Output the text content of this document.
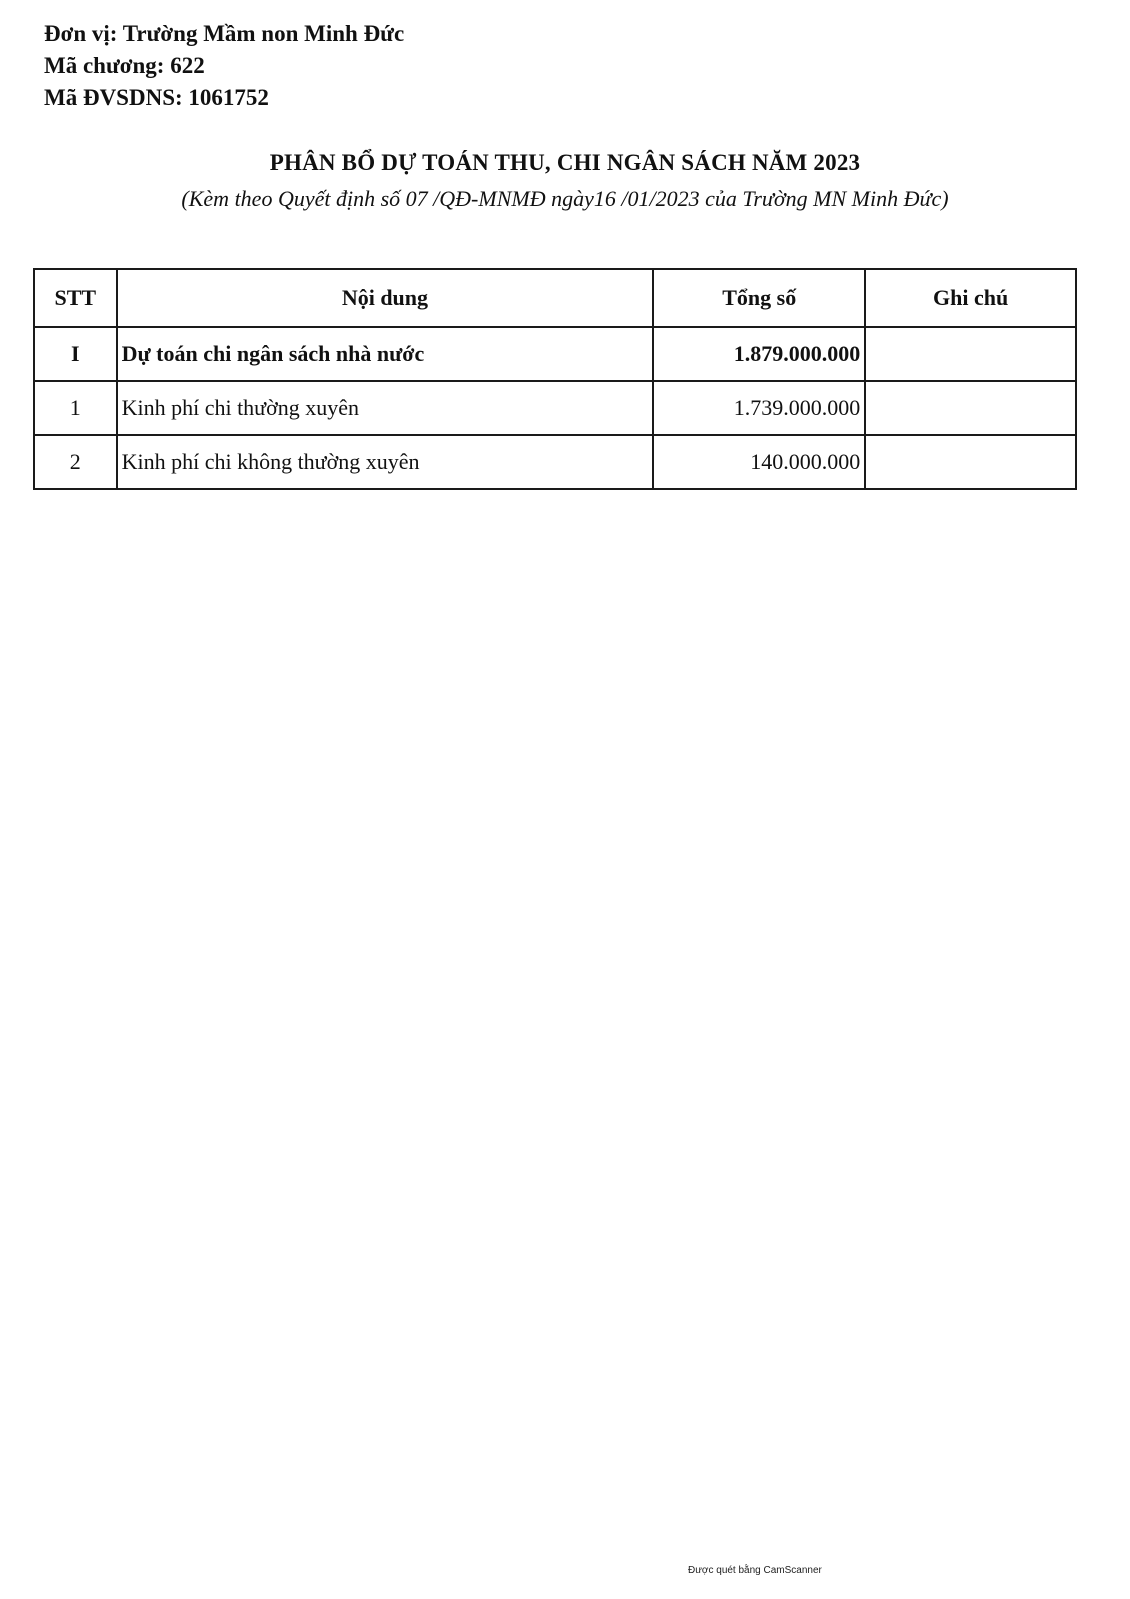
Đơn vị: Trường Mầm non Minh Đức
Mã chương: 622
Mã ĐVSDNS: 1061752
PHÂN BỔ DỰ TOÁN THU, CHI NGÂN SÁCH NĂM 2023
(Kèm theo Quyết định số 07 /QĐ-MNMĐ ngày16 /01/2023 của Trường MN Minh Đức)
STT	Nội dung	Tổng số	Ghi chú
I	Dự toán chi ngân sách nhà nước	1.879.000.000	
1	Kinh phí chi thường xuyên	1.739.000.000	
2	Kinh phí chi không thường xuyên	140.000.000	
Được quét bằng CamScanner
